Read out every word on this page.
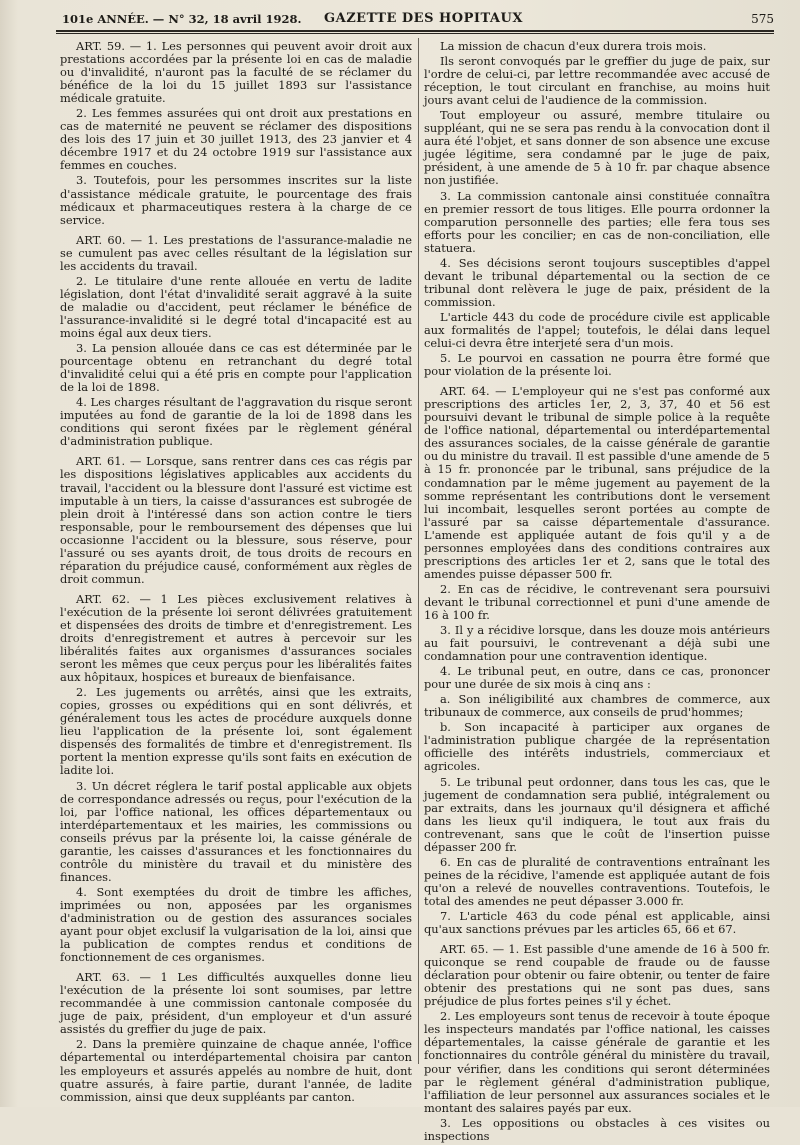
101e ANNÉE. — N° 32, 18 avril 1928. GAZETTE DES HOPITAUX	575

ART. 59. — 1. Les personnes qui peuvent avoir droit aux prestations accordées par la présente loi en cas de maladie ou d'invalidité, n'auront pas la faculté de se réclamer du bénéfice de la loi du 15 juillet 1893 sur l'assistance médicale gratuite.

2. Les femmes assurées qui ont droit aux prestations en cas de maternité ne peuvent se réclamer des dispositions des lois des 17 juin et 30 juillet 1913, des 23 janvier et 4 décembre 1917 et du 24 octobre 1919 sur l'assistance aux femmes en couches.

3. Toutefois, pour les persommes inscrites sur la liste d'assistance médicale gratuite, le pourcentage des frais médicaux et pharmaceutiques restera à la charge de ce service.

ART. 60. — 1. Les prestations de l'assurance-maladie ne se cumulent pas avec celles résultant de la législation sur les accidents du travail.

2. Le titulaire d'une rente allouée en vertu de ladite législation, dont l'état d'invalidité serait aggravé à la suite de maladie ou d'accident, peut réclamer le bénéfice de l'assurance-invalidité si le degré total d'incapacité est au moins égal aux deux tiers.

3. La pension allouée dans ce cas est déterminée par le pourcentage obtenu en retranchant du degré total d'invalidité celui qui a été pris en compte pour l'application de la loi de 1898.

4. Les charges résultant de l'aggravation du risque seront imputées au fond de garantie de la loi de 1898 dans les conditions qui seront fixées par le règlement général d'administration publique.

ART. 61. — Lorsque, sans rentrer dans ces cas régis par les dispositions législatives applicables aux accidents du travail, l'accident ou la blessure dont l'assuré est victime est imputable à un tiers, la caisse d'assurances est subrogée de plein droit à l'intéressé dans son action contre le tiers responsable, pour le remboursement des dépenses que lui occasionne l'accident ou la blessure, sous réserve, pour l'assuré ou ses ayants droit, de tous droits de recours en réparation du préjudice causé, conformément aux règles de droit commun.

ART. 62. — 1 Les pièces exclusivement relatives à l'exécution de la présente loi seront délivrées gratuitement et dispensées des droits de timbre et d'enregistrement. Les droits d'enregistrement et autres à percevoir sur les libéralités faites aux organismes d'assurances sociales seront les mêmes que ceux perçus pour les libéralités faites aux hôpitaux, hospices et bureaux de bienfaisance.

2. Les jugements ou arrêtés, ainsi que les extraits, copies, grosses ou expéditions qui en sont délivrés, et généralement tous les actes de procédure auxquels donne lieu l'application de la présente loi, sont également dispensés des formalités de timbre et d'enregistrement. Ils portent la mention expresse qu'ils sont faits en exécution de ladite loi.

3. Un décret réglera le tarif postal applicable aux objets de correspondance adressés ou reçus, pour l'exécution de la loi, par l'office national, les offices départementaux ou interdépartementaux et les mairies, les commissions ou conseils prévus par la présente loi, la caisse générale de garantie, les caisses d'assurances et les fonctionnaires du contrôle du ministère du travail et du ministère des finances.

4. Sont exemptées du droit de timbre les affiches, imprimées ou non, apposées par les organismes d'administration ou de gestion des assurances sociales ayant pour objet exclusif la vulgarisation de la loi, ainsi que la publication de comptes rendus et conditions de fonctionnement de ces organismes.

ART. 63. — 1 Les difficultés auxquelles donne lieu l'exécution de la présente loi sont soumises, par lettre recommandée à une commission cantonale composée du juge de paix, président, d'un employeur et d'un assuré assistés du greffier du juge de paix.

2. Dans la première quinzaine de chaque année, l'office départemental ou interdépartemental choisira par canton les employeurs et assurés appelés au nombre de huit, dont quatre assurés, à faire partie, durant l'année, de ladite commission, ainsi que deux suppléants par canton.

La mission de chacun d'eux durera trois mois.

Ils seront convoqués par le greffier du juge de paix, sur l'ordre de celui-ci, par lettre recommandée avec accusé de réception, le tout circulant en franchise, au moins huit jours avant celui de l'audience de la commission.

Tout employeur ou assuré, membre titulaire ou suppléant, qui ne se sera pas rendu à la convocation dont il aura été l'objet, et sans donner de son absence une excuse jugée légitime, sera condamné par le juge de paix, président, à une amende de 5 à 10 fr. par chaque absence non justifiée.

3. La commission cantonale ainsi constituée connaîtra en premier ressort de tous litiges. Elle pourra ordonner la comparution personnelle des parties; elle fera tous ses efforts pour les concilier; en cas de non-conciliation, elle statuera.

4. Ses décisions seront toujours susceptibles d'appel devant le tribunal départemental ou la section de ce tribunal dont relèvera le juge de paix, président de la commission.

L'article 443 du code de procédure civile est applicable aux formalités de l'appel; toutefois, le délai dans lequel celui-ci devra être interjeté sera d'un mois.

5. Le pourvoi en cassation ne pourra être formé que pour violation de la présente loi.

ART. 64. — L'employeur qui ne s'est pas conformé aux prescriptions des articles 1er, 2, 3, 37, 40 et 56 est poursuivi devant le tribunal de simple police à la requête de l'office national, départemental ou interdépartemental des assurances sociales, de la caisse générale de garantie ou du ministre du travail. Il est passible d'une amende de 5 à 15 fr. prononcée par le tribunal, sans préjudice de la condamnation par le même jugement au payement de la somme représentant les contributions dont le versement lui incombait, lesquelles seront portées au compte de l'assuré par sa caisse départementale d'assurance. L'amende est appliquée autant de fois qu'il y a de personnes employées dans des conditions contraires aux prescriptions des articles 1er et 2, sans que le total des amendes puisse dépasser 500 fr.

2. En cas de récidive, le contrevenant sera poursuivi devant le tribunal correctionnel et puni d'une amende de 16 à 100 fr.

3. Il y a récidive lorsque, dans les douze mois antérieurs au fait poursuivi, le contrevenant a déjà subi une condamnation pour une contravention identique.

4. Le tribunal peut, en outre, dans ce cas, prononcer pour une durée de six mois à cinq ans :

a. Son inéligibilité aux chambres de commerce, aux tribunaux de commerce, aux conseils de prud'hommes;

b. Son incapacité à participer aux organes de l'administration publique chargée de la représentation officielle des intérêts industriels, commerciaux et agricoles.

5. Le tribunal peut ordonner, dans tous les cas, que le jugement de condamnation sera publié, intégralement ou par extraits, dans les journaux qu'il désignera et affiché dans les lieux qu'il indiquera, le tout aux frais du contrevenant, sans que le coût de l'insertion puisse dépasser 200 fr.

6. En cas de pluralité de contraventions entraînant les peines de la récidive, l'amende est appliquée autant de fois qu'on a relevé de nouvelles contraventions. Toutefois, le total des amendes ne peut dépasser 3.000 fr.

7. L'article 463 du code pénal est applicable, ainsi qu'aux sanctions prévues par les articles 65, 66 et 67.

ART. 65. — 1. Est passible d'une amende de 16 à 500 fr. quiconque se rend coupable de fraude ou de fausse déclaration pour obtenir ou faire obtenir, ou tenter de faire obtenir des prestations qui ne sont pas dues, sans préjudice de plus fortes peines s'il y échet.

2. Les employeurs sont tenus de recevoir à toute époque les inspecteurs mandatés par l'office national, les caisses départementales, la caisse générale de garantie et les fonctionnaires du contrôle général du ministère du travail, pour vérifier, dans les conditions qui seront déterminées par le règlement général d'administration publique, l'affiliation de leur personnel aux assurances sociales et le montant des salaires payés par eux.

3. Les oppositions ou obstacles à ces visites ou inspections
